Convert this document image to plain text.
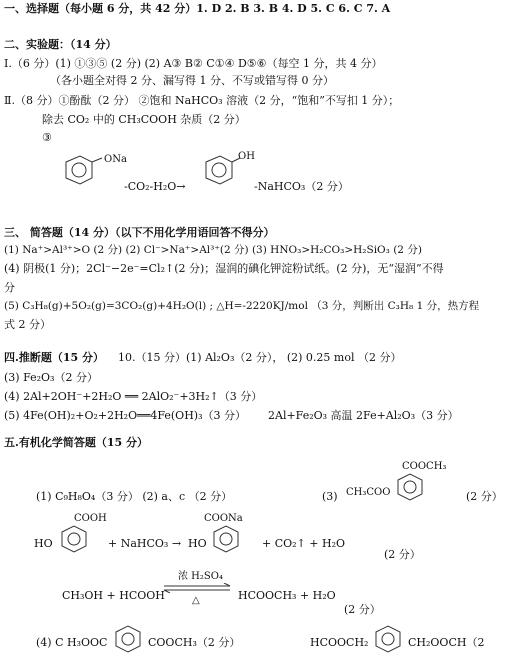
一、选择题（每小题 6 分，共 42 分）1. D 2. B 3. B 4. D 5. C 6. C 7. A
二、实验题：（14 分）
Ⅰ.（6 分）(1) ①③⑤ (2 分) (2) A③ B② C①④ D⑤⑥（每空 1 分，共 4 分）
（各小题全对得 2 分、漏写得 1 分、不写或错写得 0 分）
Ⅱ.（8 分）①酚酞（2 分） ②饱和 NaHCO₃ 溶液（2 分，“饱和”不写扣 1 分）；
除去 CO₂ 中的 CH₃COOH 杂质（2 分）
③
ONa
-CO₂-H₂O→
OH
-NaHCO₃（2 分）
三、 简答题（14 分）（以下不用化学用语回答不得分）
(1) Na⁺>Al³⁺>O (2 分) (2) Cl⁻>Na⁺>Al³⁺(2 分) (3) HNO₃>H₂CO₃>H₂SiO₃ (2 分)
(4) 阴极(1 分)；2Cl⁻−2e⁻=Cl₂↑(2 分)；湿润的碘化钾淀粉试纸。(2 分)，无“湿润”不得
分
(5) C₃H₈(g)+5O₂(g)=3CO₂(g)+4H₂O(l) ; △H=-2220KJ/mol （3 分，判断出 C₃H₈ 1 分，热方程
式 2 分）
四.推断题（15 分） 10.（15 分）(1) Al₂O₃（2 分）， (2) 0.25 mol （2 分）
(3) Fe₂O₃（2 分）
(4) 2Al+2OH⁻+2H₂O ══ 2AlO₂⁻+3H₂↑（3 分）
(5) 4Fe(OH)₂+O₂+2H₂O══4Fe(OH)₃（3 分） 2Al+Fe₂O₃ 高温 2Fe+Al₂O₃（3 分）
五.有机化学简答题（15 分）
COOCH₃
(1) C₉H₈O₄（3 分） (2) a、c （2 分）	(3) CH₃COO	(2 分）
COOH
HO	+ NaHCO₃ →
COONa
HO	+ CO₂↑ + H₂O
(2 分）
CH₃OH + HCOOH
浓 H₂SO₄
△	HCOOCH₃ + H₂O
(2 分）
(4) C H₃OOC	COOCH₃（2 分）	HCOOCH₂	CH₂OOCH（2
